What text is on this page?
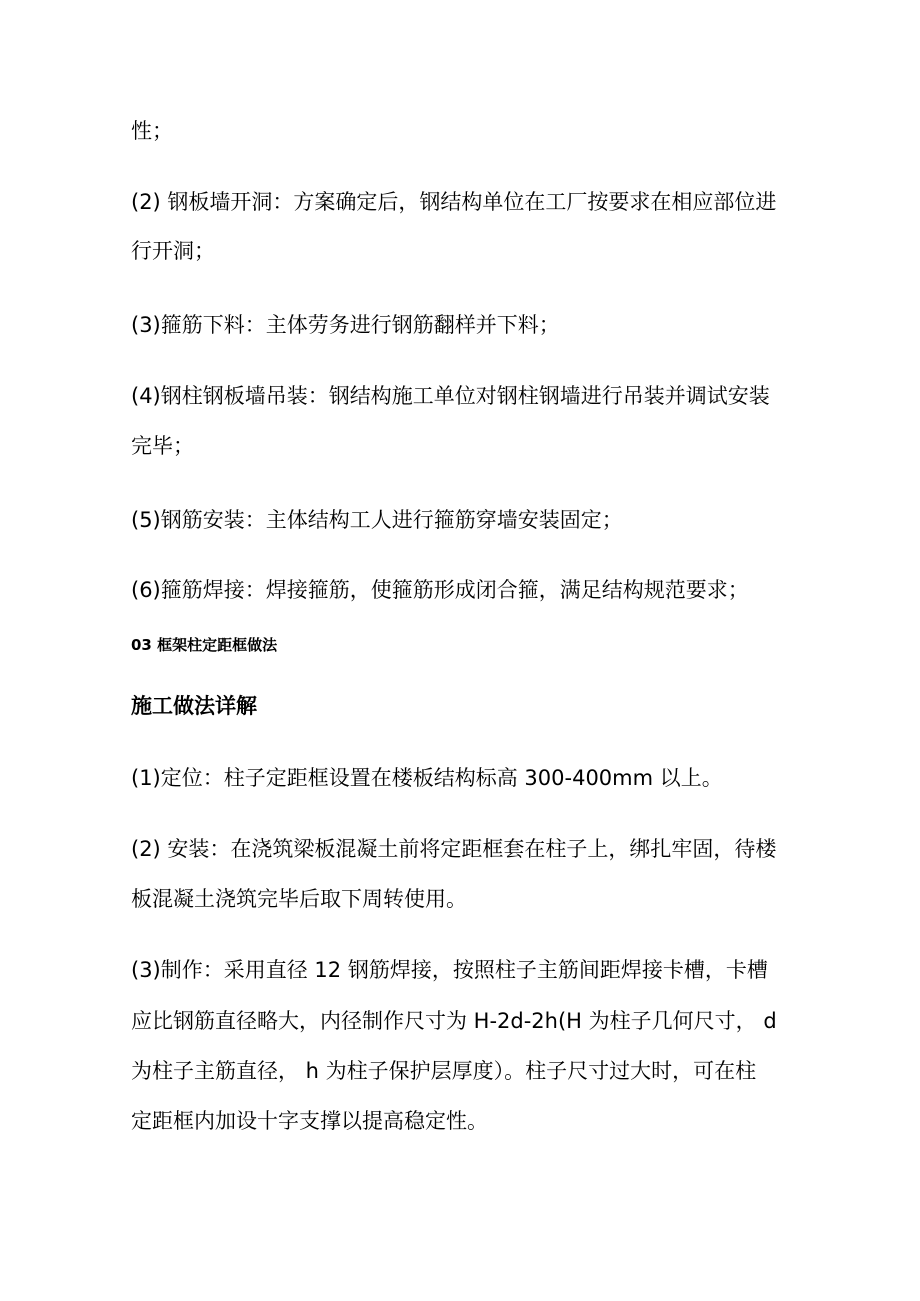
性；
(2) 钢板墙开洞：方案确定后，钢结构单位在工厂按要求在相应部位进
行开洞；
(3)箍筋下料：主体劳务进行钢筋翻样并下料；
(4)钢柱钢板墙吊装：钢结构施工单位对钢柱钢墙进行吊装并调试安装
完毕；
(5)钢筋安装：主体结构工人进行箍筋穿墙安装固定；
(6)箍筋焊接：焊接箍筋，使箍筋形成闭合箍，满足结构规范要求；
03 框架柱定距框做法
施工做法详解
(1)定位：柱子定距框设置在楼板结构标高 300-400mm 以上。
(2) 安装：在浇筑梁板混凝土前将定距框套在柱子上，绑扎牢固，待楼
板混凝土浇筑完毕后取下周转使用。
(3)制作：采用直径 12 钢筋焊接，按照柱子主筋间距焊接卡槽，卡槽
应比钢筋直径略大，内径制作尺寸为 H-2d-2h(H 为柱子几何尺寸， d
为柱子主筋直径， h 为柱子保护层厚度）。柱子尺寸过大时，可在柱
定距框内加设十字支撑以提高稳定性。
